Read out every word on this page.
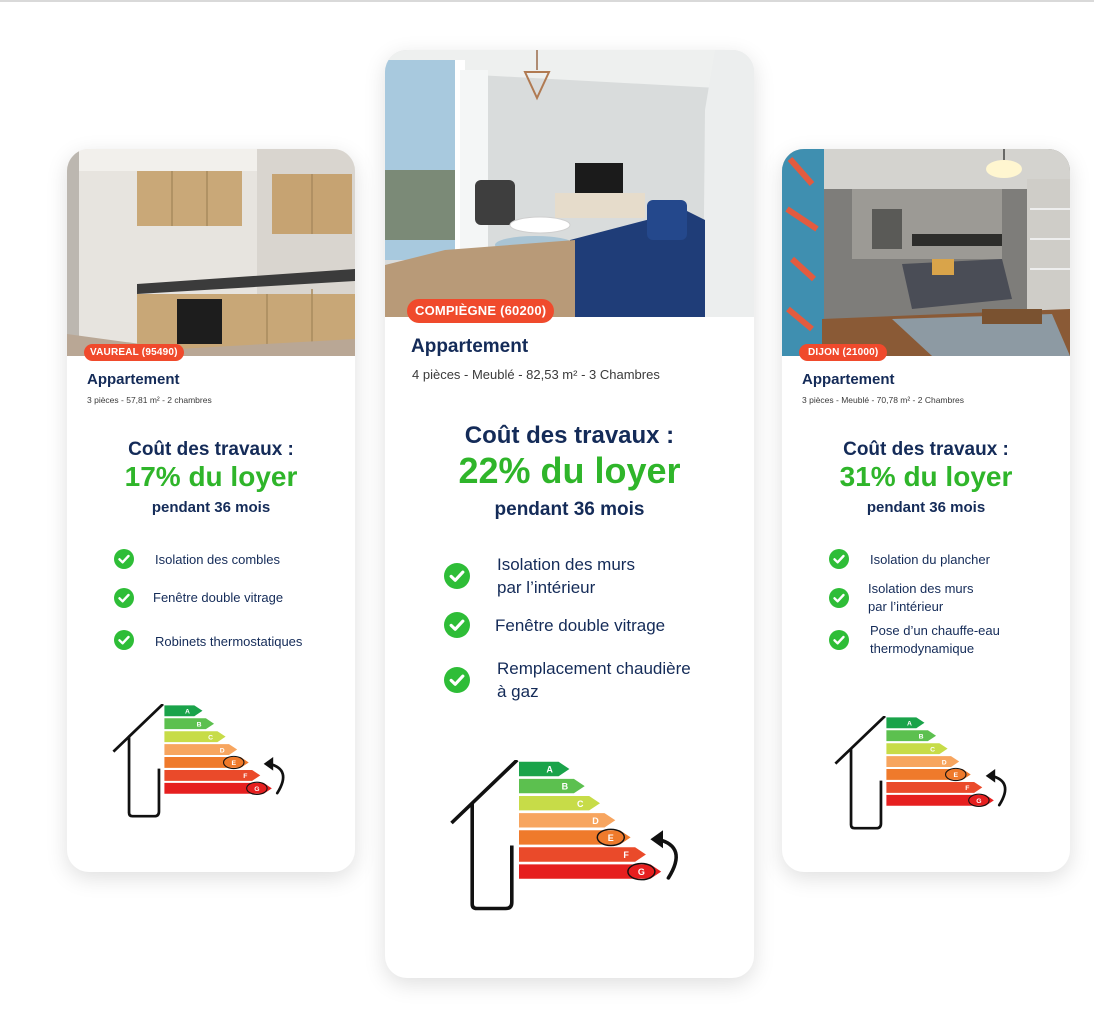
VAUREAL (95490)
Appartement
3 pièces - 57,81 m² - 2 chambres
Coût des travaux :
17% du loyer
pendant 36 mois
Isolation des combles
Fenêtre double vitrage
Robinets thermostatiques
A
B
C
D
E
F
G
COMPIÈGNE (60200)
Appartement
4 pièces - Meublé - 82,53 m² - 3 Chambres
Coût des travaux :
22% du loyer
pendant 36 mois
Isolation des murs
par l’intérieur
Fenêtre double vitrage
Remplacement chaudière
à gaz
A
B
C
D
E
F
G
DIJON (21000)
Appartement
3 pièces - Meublé - 70,78 m² - 2 Chambres
Coût des travaux :
31% du loyer
pendant 36 mois
Isolation du plancher
Isolation des murs
par l’intérieur
Pose d’un chauffe-eau
thermodynamique
A
B
C
D
E
F
G
